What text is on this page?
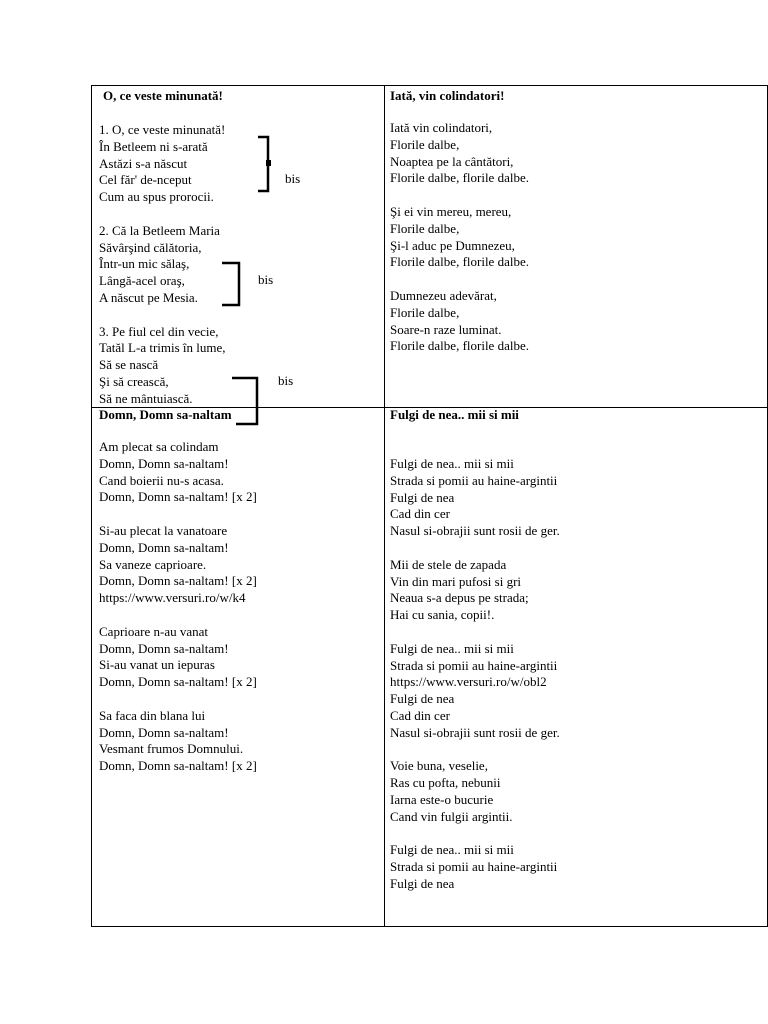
O, ce veste minunată!
1. O, ce veste minunată!
În Betleem ni s-arată
Astăzi s-a născut
Cel făr' de-nceput
Cum au spus prorocii.

2. Că la Betleem Maria
Săvârşind călătoria,
Într-un mic sălaş,
Lângă-acel oraş,
A născut pe Mesia.

3. Pe fiul cel din vecie,
Tatăl L-a trimis în lume,
Să se nască
Şi să crească,
Să ne mântuiască.
bis
bis
bis
Iată, vin colindatori!
Iată vin colindatori,
Florile dalbe,
Noaptea pe la cântători,
Florile dalbe, florile dalbe.

Şi ei vin mereu, mereu,
Florile dalbe,
Şi-l aduc pe Dumnezeu,
Florile dalbe, florile dalbe.

Dumnezeu adevărat,
Florile dalbe,
Soare-n raze luminat.
Florile dalbe, florile dalbe.
Domn, Domn sa-naltam
Am plecat sa colindam
Domn, Domn sa-naltam!
Cand boierii nu-s acasa.
Domn, Domn sa-naltam! [x 2]

Si-au plecat la vanatoare
Domn, Domn sa-naltam!
Sa vaneze caprioare.
Domn, Domn sa-naltam! [x 2]
https://www.versuri.ro/w/k4

Caprioare n-au vanat
Domn, Domn sa-naltam!
Si-au vanat un iepuras
Domn, Domn sa-naltam! [x 2]

Sa faca din blana lui
Domn, Domn sa-naltam!
Vesmant frumos Domnului.
Domn, Domn sa-naltam! [x 2]
Fulgi de nea.. mii si mii
Fulgi de nea.. mii si mii
Strada si pomii au haine-argintii
Fulgi de nea
Cad din cer
Nasul si-obrajii sunt rosii de ger.

Mii de stele de zapada
Vin din mari pufosi si gri
Neaua s-a depus pe strada;
Hai cu sania, copii!.

Fulgi de nea.. mii si mii
Strada si pomii au haine-argintii
https://www.versuri.ro/w/obl2
Fulgi de nea
Cad din cer
Nasul si-obrajii sunt rosii de ger.

Voie buna, veselie,
Ras cu pofta, nebunii
Iarna este-o bucurie
Cand vin fulgii argintii.

Fulgi de nea.. mii si mii
Strada si pomii au haine-argintii
Fulgi de nea
